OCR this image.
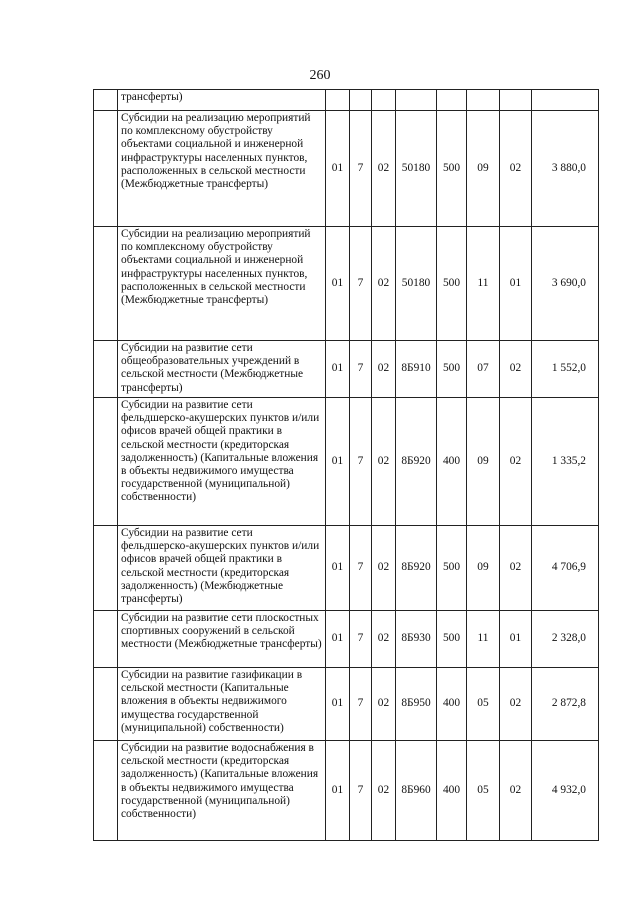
260
	трансферты)								
	Субсидии на реализацию мероприятий по комплексному обустройству объектами социальной и инженерной инфраструктуры населенных пунктов, расположенных в сельской местности (Межбюджетные трансферты)	01	7	02	50180	500	09	02	3 880,0
	Субсидии на реализацию мероприятий по комплексному обустройству объектами социальной и инженерной инфраструктуры населенных пунктов, расположенных в сельской местности (Межбюджетные трансферты)	01	7	02	50180	500	11	01	3 690,0
	Субсидии на развитие сети общеобразовательных учреждений в сельской местности (Межбюджетные трансферты)	01	7	02	8Б910	500	07	02	1 552,0
	Субсидии на развитие сети фельдшерско-акушерских пунктов и/или офисов врачей общей практики в сельской местности (кредиторская задолженность) (Капитальные вложения в объекты недвижимого имущества государственной (муниципальной) собственности)	01	7	02	8Б920	400	09	02	1 335,2
	Субсидии на развитие сети фельдшерско-акушерских пунктов и/или офисов врачей общей практики в сельской местности (кредиторская задолженность) (Межбюджетные трансферты)	01	7	02	8Б920	500	09	02	4 706,9
	Субсидии на развитие сети плоскостных спортивных сооружений в сельской местности (Межбюджетные трансферты)	01	7	02	8Б930	500	11	01	2 328,0
	Субсидии на развитие газификации в сельской местности (Капитальные вложения в объекты недвижимого имущества государственной (муниципальной) собственности)	01	7	02	8Б950	400	05	02	2 872,8
	Субсидии на развитие водоснабжения в сельской местности (кредиторская задолженность) (Капитальные вложения в объекты недвижимого имущества государственной (муниципальной) собственности)	01	7	02	8Б960	400	05	02	4 932,0
